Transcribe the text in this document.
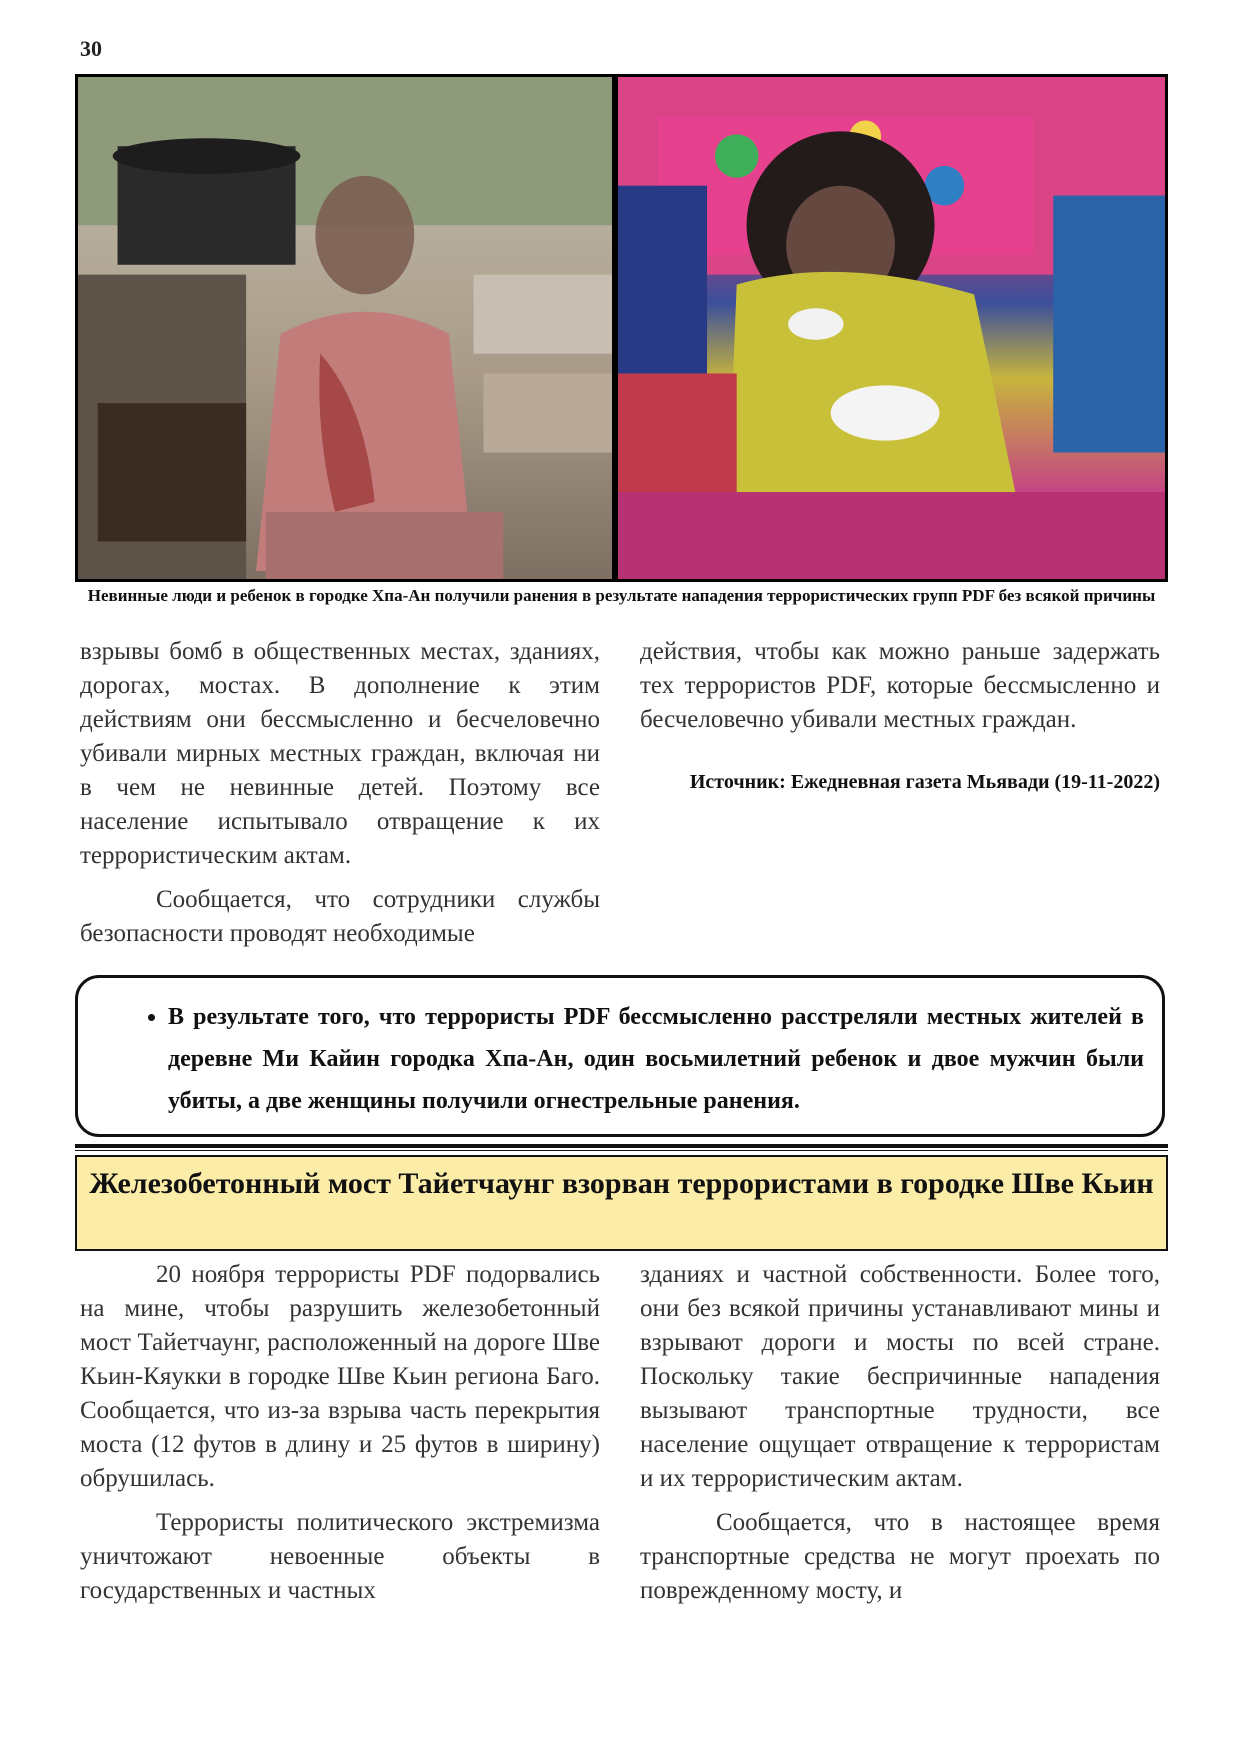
30
Невинные люди и ребенок в городке Хпа-Ан получили ранения в результате нападения террористических групп PDF без всякой причины

взрывы бомб в общественных местах, зданиях, дорогах, мостах. В дополнение к этим действиям они бессмысленно и бесчеловечно убивали мирных местных граждан, включая ни в чем не невинные детей. Поэтому все население испытывало отвращение к их террористическим актам.

Сообщается, что сотрудники службы безопасности проводят необходимые

действия, чтобы как можно раньше задержать тех террористов PDF, которые бессмысленно и бесчеловечно убивали местных граждан.

Источник: Ежедневная газета Мьявади (19-11-2022)

• В результате того, что террористы PDF бессмысленно расстреляли местных жителей в деревне Ми Кайин городка Хпа-Ан, один восьмилетний ребенок и двое мужчин были убиты, а две женщины получили огнестрельные ранения.
Железобетонный мост Тайетчаунг взорван террористами в городке Шве Кьин

20 ноября террористы PDF подорвались на мине, чтобы разрушить железобетонный мост Тайетчаунг, расположенный на дороге Шве Кьин-Кяукки в городке Шве Кьин региона Баго. Сообщается, что из-за взрыва часть перекрытия моста (12 футов в длину и 25 футов в ширину) обрушилась.

Террористы политического экстремизма уничтожают невоенные объекты в государственных и частных

зданиях и частной собственности. Более того, они без всякой причины устанавливают мины и взрывают дороги и мосты по всей стране. Поскольку такие беспричинные нападения вызывают транспортные трудности, все население ощущает отвращение к террористам и их террористическим актам.

Сообщается, что в настоящее время транспортные средства не могут проехать по поврежденному мосту, и
